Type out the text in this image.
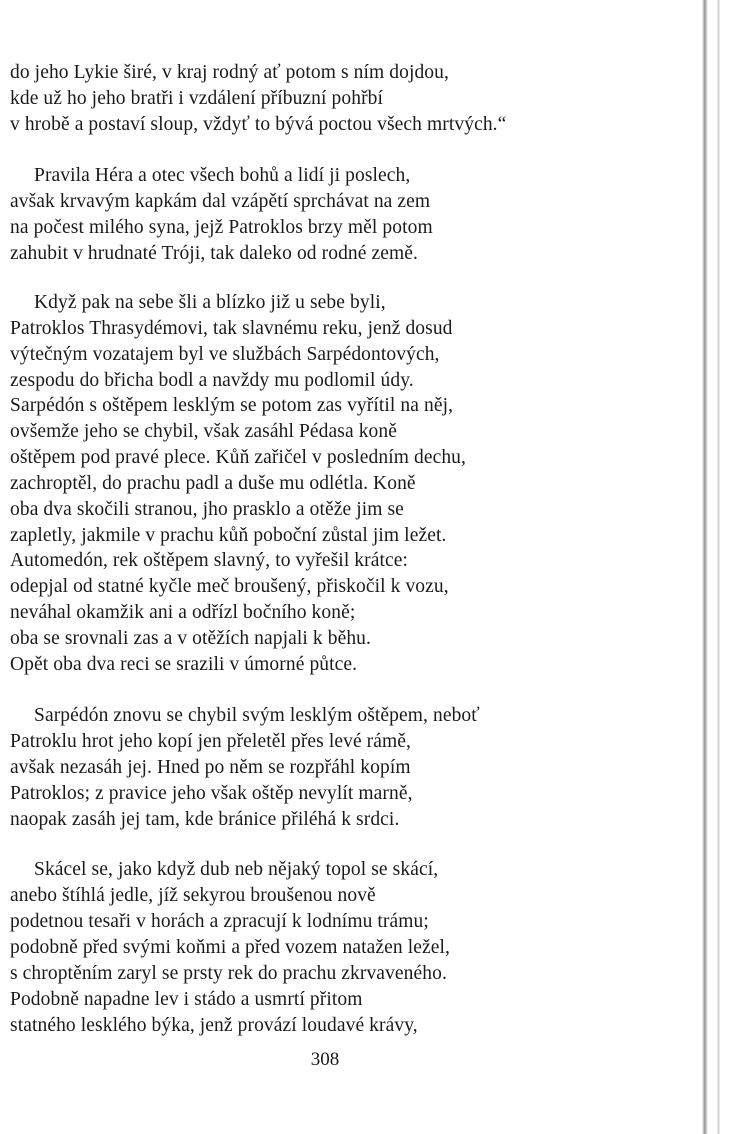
do jeho Lykie širé, v kraj rodný ať potom s ním dojdou,
kde už ho jeho bratři i vzdálení příbuzní pohřbí
v hrobě a postaví sloup, vždyť to bývá poctou všech mrtvých.“
Pravila Héra a otec všech bohů a lidí ji poslech,
avšak krvavým kapkám dal vzápětí sprchávat na zem
na počest milého syna, jejž Patroklos brzy měl potom
zahubit v hrudnaté Tróji, tak daleko od rodné země.
Když pak na sebe šli a blízko již u sebe byli,
Patroklos Thrasydémovi, tak slavnému reku, jenž dosud
výtečným vozatajem byl ve službách Sarpédontových,
zespodu do břicha bodl a navždy mu podlomil údy.
Sarpédón s oštěpem lesklým se potom zas vyřítil na něj,
ovšemže jeho se chybil, však zasáhl Pédasa koně
oštěpem pod pravé plece. Kůň zařičel v posledním dechu,
zachroptěl, do prachu padl a duše mu odlétla. Koně
oba dva skočili stranou, jho prasklo a otěže jim se
zapletly, jakmile v prachu kůň poboční zůstal jim ležet.
Automedón, rek oštěpem slavný, to vyřešil krátce:
odepjal od statné kyčle meč broušený, přiskočil k vozu,
neváhal okamžik ani a odřízl bočního koně;
oba se srovnali zas a v otěžích napjali k běhu.
Opět oba dva reci se srazili v úmorné půtce.
Sarpédón znovu se chybil svým lesklým oštěpem, neboť
Patroklu hrot jeho kopí jen přeletěl přes levé rámě,
avšak nezasáh jej. Hned po něm se rozpřáhl kopím
Patroklos; z pravice jeho však oštěp nevylít marně,
naopak zasáh jej tam, kde bránice přiléhá k srdci.
Skácel se, jako když dub neb nějaký topol se skácí,
anebo štíhlá jedle, jíž sekyrou broušenou nově
podetnou tesaři v horách a zpracují k lodnímu trámu;
podobně před svými koňmi a před vozem natažen ležel,
s chroptěním zaryl se prsty rek do prachu zkrvaveného.
Podobně napadne lev i stádo a usmrtí přitom
statného lesklého býka, jenž provází loudavé krávy,
308
